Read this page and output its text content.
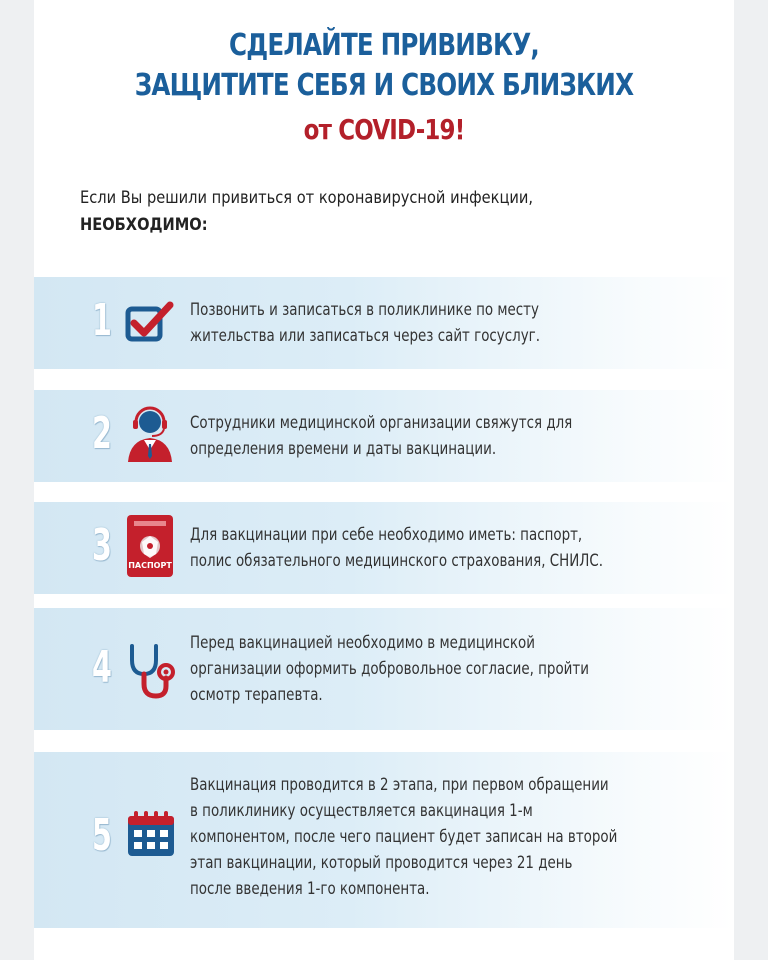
СДЕЛАЙТЕ ПРИВИВКУ,
ЗАЩИТИТЕ СЕБЯ И СВОИХ БЛИЗКИХ
от COVID-19!
Если Вы решили привиться от коронавирусной инфекции,
НЕОБХОДИМО:
1	Позвонить и записаться в поликлинике по месту
жительства или записаться через сайт госуслуг.
2	Сотрудники медицинской организации свяжутся для
определения времени и даты вакцинации.
3	ПАСПОРТ
Для вакцинации при себе необходимо иметь: паспорт,
полис обязательного медицинского страхования, СНИЛС.
4	Перед вакцинацией необходимо в медицинской
организации оформить добровольное согласие, пройти
осмотр терапевта.
5
Вакцинация проводится в 2 этапа, при первом обращении
в поликлинику осуществляется вакцинация 1-м
компонентом, после чего пациент будет записан на второй
этап вакцинации, который проводится через 21 день
после введения 1-го компонента.
